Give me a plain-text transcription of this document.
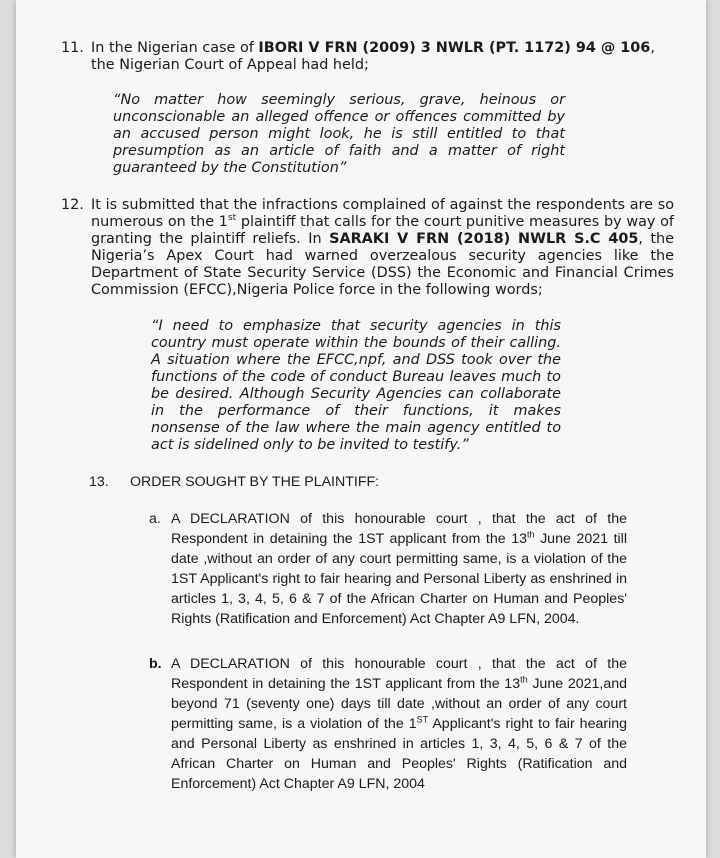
11. In the Nigerian case of IBORI V FRN (2009) 3 NWLR (PT. 1172) 94 @ 106, the Nigerian Court of Appeal had held;
“No matter how seemingly serious, grave, heinous or unconscionable an alleged offence or offences committed by an accused person might look, he is still entitled to that presumption as an article of faith and a matter of right guaranteed by the Constitution”
12. It is submitted that the infractions complained of against the respondents are so numerous on the 1st plaintiff that calls for the court punitive measures by way of granting the plaintiff reliefs. In SARAKI V FRN (2018) NWLR S.C 405, the Nigeria’s Apex Court had warned overzealous security agencies like the Department of State Security Service (DSS) the Economic and Financial Crimes Commission (EFCC),Nigeria Police force in the following words;
“I need to emphasize that security agencies in this country must operate within the bounds of their calling. A situation where the EFCC,npf, and DSS took over the functions of the code of conduct Bureau leaves much to be desired. Although Security Agencies can collaborate in the performance of their functions, it makes nonsense of the law where the main agency entitled to act is sidelined only to be invited to testify.”
13. ORDER SOUGHT BY THE PLAINTIFF:
a. A DECLARATION of this honourable court , that the act of the Respondent in detaining the 1ST applicant from the 13th June 2021 till date ,without an order of any court permitting same, is a violation of the 1ST Applicant's right to fair hearing and Personal Liberty as enshrined in articles 1, 3, 4, 5, 6 & 7 of the African Charter on Human and Peoples' Rights (Ratification and Enforcement) Act Chapter A9 LFN, 2004.
b. A DECLARATION of this honourable court , that the act of the Respondent in detaining the 1ST applicant from the 13th June 2021,and beyond 71 (seventy one) days till date ,without an order of any court permitting same, is a violation of the 1ST Applicant's right to fair hearing and Personal Liberty as enshrined in articles 1, 3, 4, 5, 6 & 7 of the African Charter on Human and Peoples' Rights (Ratification and Enforcement) Act Chapter A9 LFN, 2004
